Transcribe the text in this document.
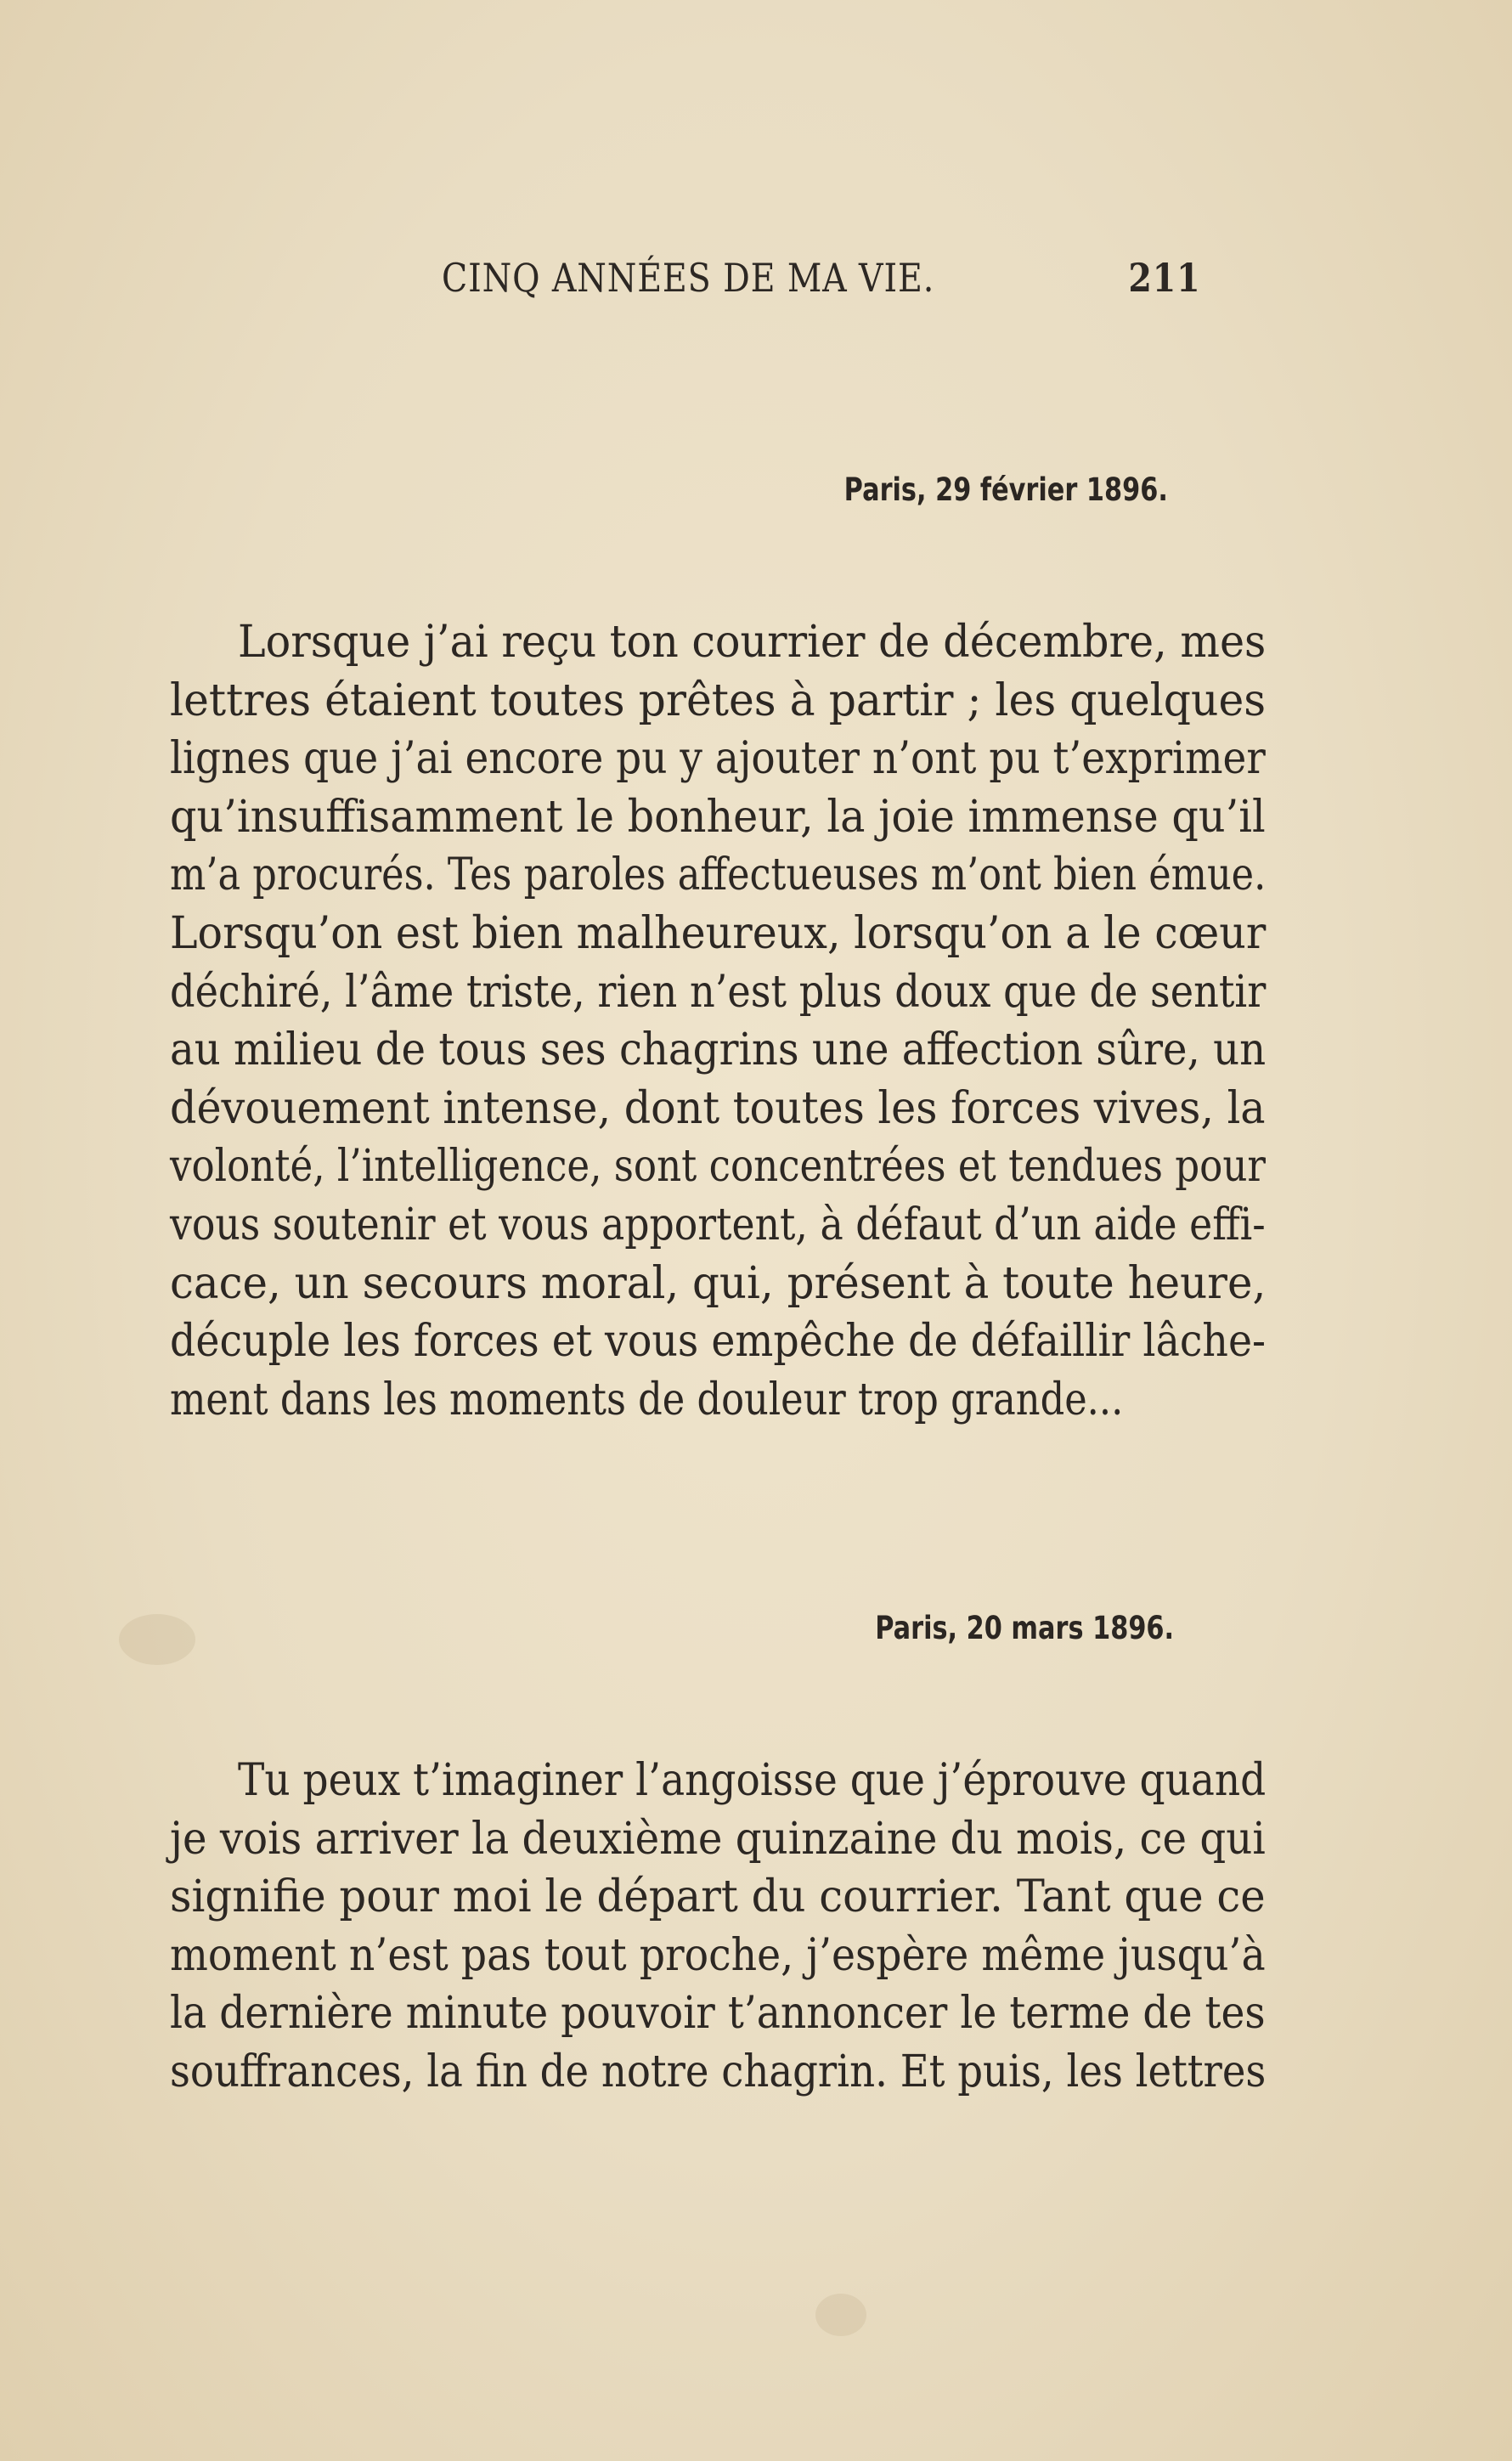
CINQ ANNÉES DE MA VIE.	211
Paris, 29 février 1896.
Lorsque j’ai reçu ton courrier de décembre, mes
lettres étaient toutes prêtes à partir ; les quelques
lignes que j’ai encore pu y ajouter n’ont pu t’exprimer
qu’insuffisamment le bonheur, la joie immense qu’il
m’a procurés. Tes paroles affectueuses m’ont bien émue.
Lorsqu’on est bien malheureux, lorsqu’on a le cœur
déchiré, l’âme triste, rien n’est plus doux que de sentir
au milieu de tous ses chagrins une affection sûre, un
dévouement intense, dont toutes les forces vives, la
volonté, l’intelligence, sont concentrées et tendues pour
vous soutenir et vous apportent, à défaut d’un aide effi-
cace, un secours moral, qui, présent à toute heure,
décuple les forces et vous empêche de défaillir lâche-
ment dans les moments de douleur trop grande...
Paris, 20 mars 1896.
Tu peux t’imaginer l’angoisse que j’éprouve quand
je vois arriver la deuxième quinzaine du mois, ce qui
signifie pour moi le départ du courrier. Tant que ce
moment n’est pas tout proche, j’espère même jusqu’à
la dernière minute pouvoir t’annoncer le terme de tes
souffrances, la fin de notre chagrin. Et puis, les lettres
